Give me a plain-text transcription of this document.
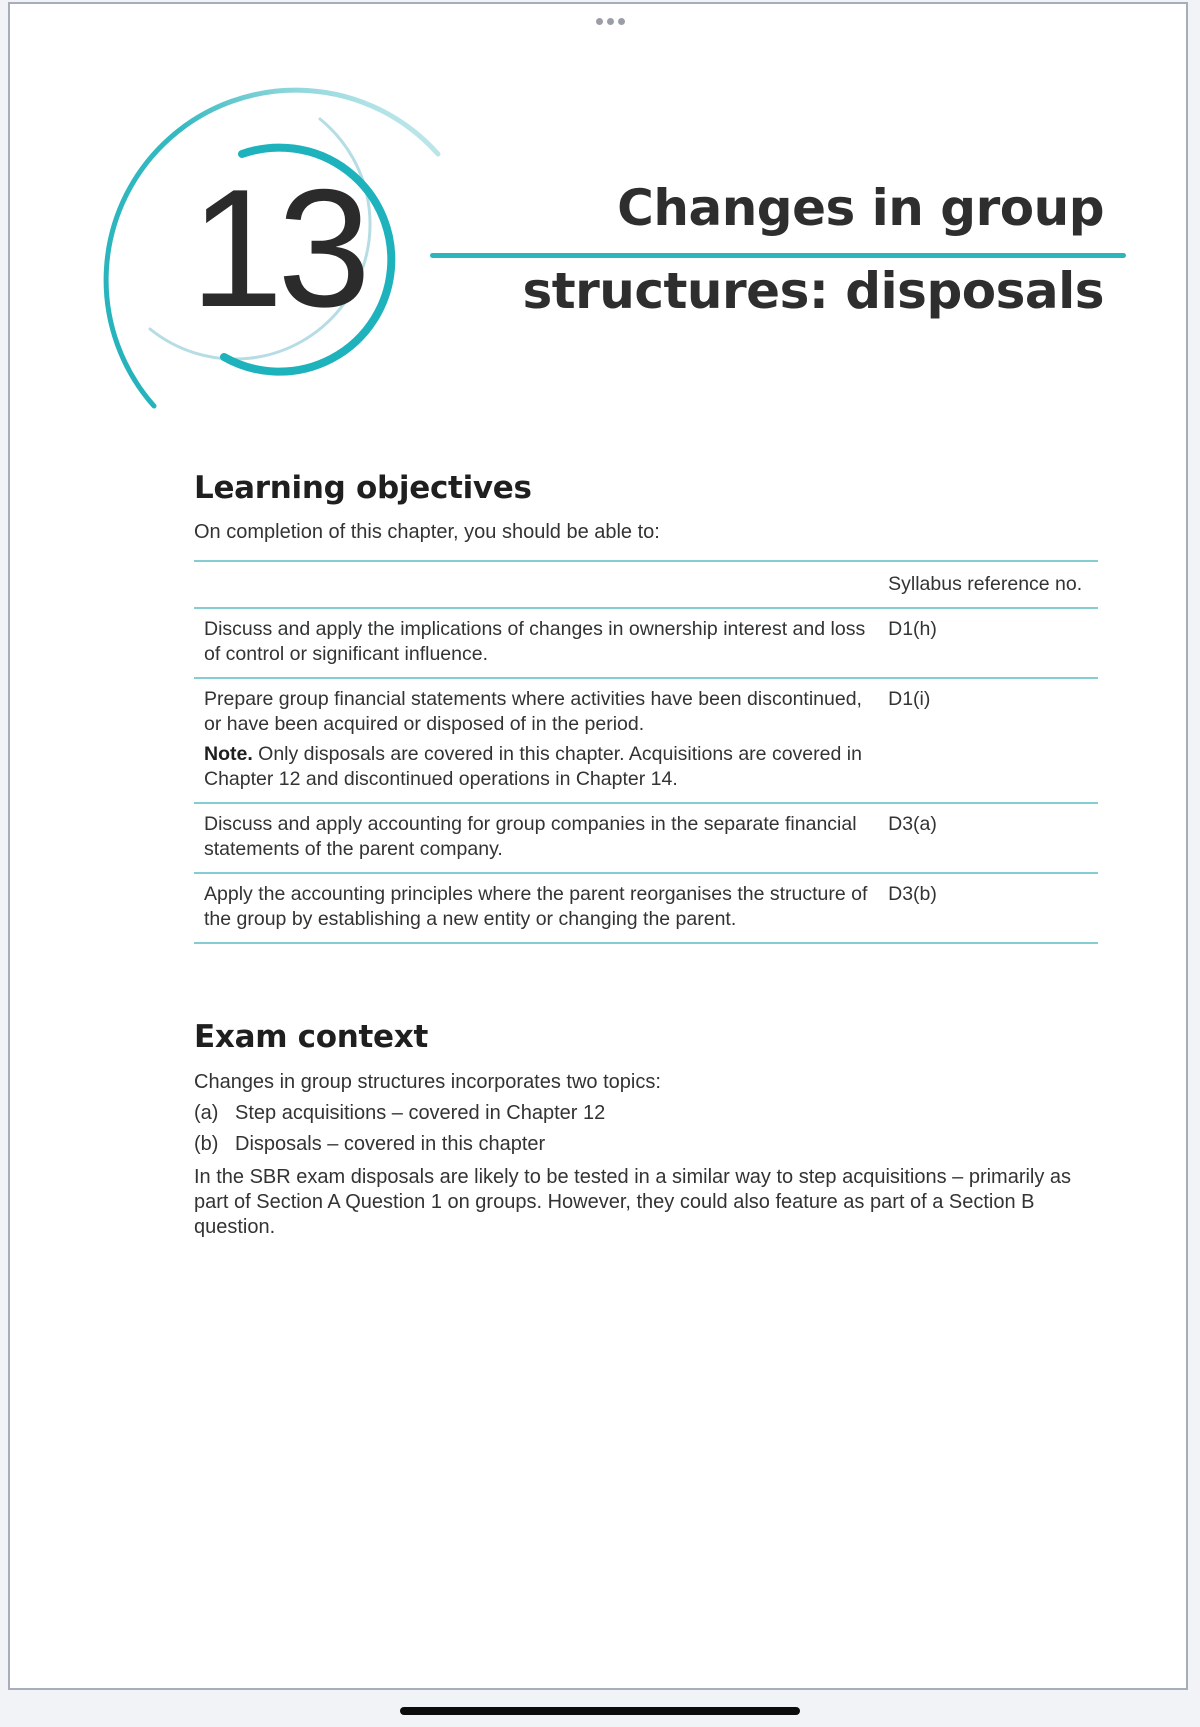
13	Changes in group
structures: disposals
Learning objectives
On completion of this chapter, you should be able to:
	Syllabus reference no.
Discuss and apply the implications of changes in ownership interest and loss of control or significant influence.	D1(h)

Prepare group financial statements where activities have been discontinued, or have been acquired or disposed of in the period.
Note. Only disposals are covered in this chapter. Acquisitions are covered in Chapter 12 and discontinued operations in Chapter 14.	D1(i)
Discuss and apply accounting for group companies in the separate financial statements of the parent company.	D3(a)
Apply the accounting principles where the parent reorganises the structure of the group by establishing a new entity or changing the parent.	D3(b)
Exam context
Changes in group structures incorporates two topics:
(a) Step acquisitions – covered in Chapter 12
(b) Disposals – covered in this chapter
In the SBR exam disposals are likely to be tested in a similar way to step acquisitions – primarily as part of Section A Question 1 on groups. However, they could also feature as part of a Section B question.
